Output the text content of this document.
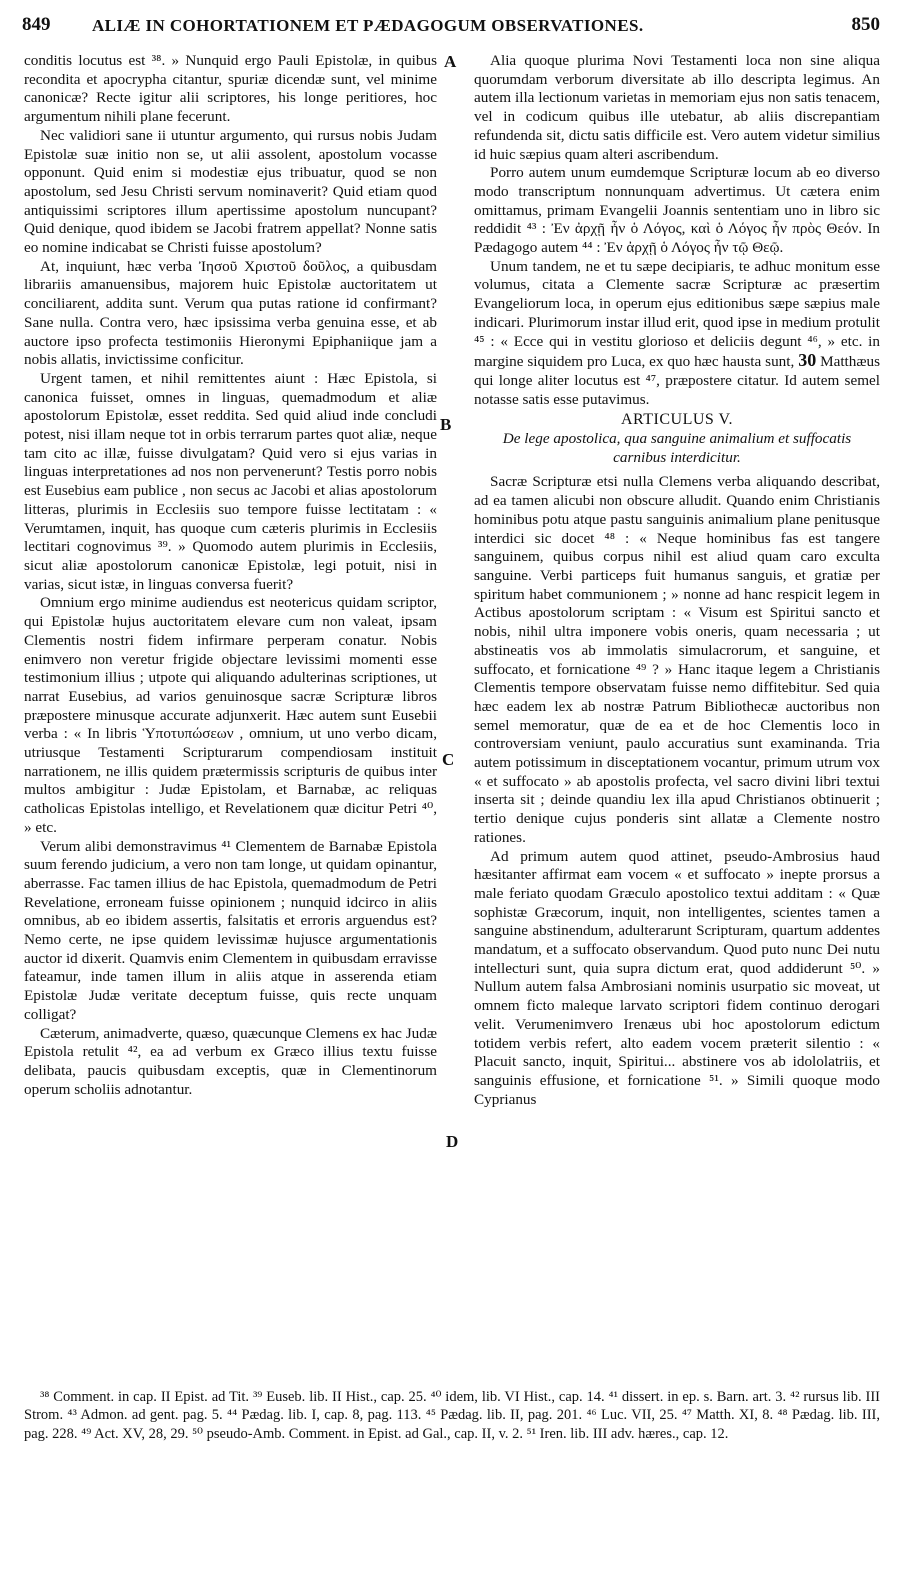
849 ALIÆ IN COHORTATIONEM ET PÆDAGOGUM OBSERVATIONES.	850

conditis locutus est ³⁸. » Nunquid ergo Pauli Epistolæ, in quibus recondita et apocrypha citantur, spuriæ dicendæ sunt, vel minime canonicæ? Recte igitur alii scriptores, his longe peritiores, hoc argumentum nihili plane fecerunt.

Nec validiori sane ii utuntur argumento, qui rursus nobis Judam Epistolæ suæ initio non se, ut alii assolent, apostolum vocasse opponunt. Quid enim si modestiæ ejus tribuatur, quod se non apostolum, sed Jesu Christi servum nominaverit? Quid etiam quod antiquissimi scriptores illum apertissime apostolum nuncupant? Quid denique, quod ibidem se Jacobi fratrem appellat? Nonne satis eo nomine indicabat se Christi fuisse apostolum?

At, inquiunt, hæc verba Ἰησοῦ Χριστοῦ δοῦλος, a quibusdam librariis amanuensibus, majorem huic Epistolæ auctoritatem ut conciliarent, addita sunt. Verum qua putas ratione id confirmant? Sane nulla. Contra vero, hæc ipsissima verba genuina esse, et ab auctore ipso profecta testimoniis Hieronymi Epiphaniique jam a nobis allatis, invictissime conficitur.

Urgent tamen, et nihil remittentes aiunt : Hæc Epistola, si canonica fuisset, omnes in linguas, quemadmodum et aliæ apostolorum Epistolæ, esset reddita. Sed quid aliud inde concludi potest, nisi illam neque tot in orbis terrarum partes quot aliæ, neque tam cito ac illæ, fuisse divulgatam? Quid vero si ejus varias in linguas interpretationes ad nos non pervenerunt? Testis porro nobis est Eusebius eam publice , non secus ac Jacobi et alias apostolorum litteras, plurimis in Ecclesiis suo tempore fuisse lectitatam : « Verumtamen, inquit, has quoque cum cæteris plurimis in Ecclesiis lectitari cognovimus ³⁹. » Quomodo autem plurimis in Ecclesiis, sicut aliæ apostolorum canonicæ Epistolæ, legi potuit, nisi in varias, sicut istæ, in linguas conversa fuerit?

Omnium ergo minime audiendus est neotericus quidam scriptor, qui Epistolæ hujus auctoritatem elevare cum non valeat, ipsam Clementis nostri fidem infirmare perperam conatur. Nobis enimvero non veretur frigide objectare levissimi momenti esse testimonium illius ; utpote qui aliquando adulterinas scriptiones, ut narrat Eusebius, ad varios genuinosque sacræ Scripturæ libros præpostere minusque accurate adjunxerit. Hæc autem sunt Eusebii verba : « In libris Ὑποτυπώσεων , omnium, ut uno verbo dicam, utriusque Testamenti Scripturarum compendiosam instituit narrationem, ne illis quidem prætermissis scripturis de quibus inter multos ambigitur : Judæ Epistolam, et Barnabæ, ac reliquas catholicas Epistolas intelligo, et Revelationem quæ dicitur Petri ⁴⁰, » etc.

Verum alibi demonstravimus ⁴¹ Clementem de Barnabæ Epistola suum ferendo judicium, a vero non tam longe, ut quidam opinantur, aberrasse. Fac tamen illius de hac Epistola, quemadmodum de Petri Revelatione, erroneam fuisse opinionem ; nunquid idcirco in aliis omnibus, ab eo ibidem assertis, falsitatis et erroris arguendus est? Nemo certe, ne ipse quidem levissimæ hujusce argumentationis auctor id dixerit. Quamvis enim Clementem in quibusdam erravisse fateamur, inde tamen illum in aliis atque in asserenda etiam Epistolæ Judæ veritate deceptum fuisse, quis recte unquam colligat?

Cæterum, animadverte, quæso, quæcunque Clemens ex hac Judæ Epistola retulit ⁴², ea ad verbum ex Græco illius textu fuisse delibata, paucis quibusdam exceptis, quæ in Clementinorum operum scholiis adnotantur.

A
B
C
D

Alia quoque plurima Novi Testamenti loca non sine aliqua quorumdam verborum diversitate ab illo descripta legimus. An autem illa lectionum varietas in memoriam ejus non satis tenacem, vel in codicum quibus ille utebatur, ab aliis discrepantiam refundenda sit, dictu satis difficile est. Vero autem videtur similius id huic sæpius quam alteri ascribendum.

Porro autem unum eumdemque Scripturæ locum ab eo diverso modo transcriptum nonnunquam advertimus. Ut cætera enim omittamus, primam Evangelii Joannis sententiam uno in libro sic reddidit ⁴³ : Ἐν ἀρχῇ ἦν ὁ Λόγος, καὶ ὁ Λόγος ἦν πρὸς Θεόν. In Pædagogo autem ⁴⁴ : Ἐν ἀρχῇ ὁ Λόγος ἦν τῷ Θεῷ.

Unum tandem, ne et tu sæpe decipiaris, te adhuc monitum esse volumus, citata a Clemente sacræ Scripturæ ac præsertim Evangeliorum loca, in operum ejus editionibus sæpe sæpius male indicari. Plurimorum instar illud erit, quod ipse in medium protulit ⁴⁵ : « Ecce qui in vestitu glorioso et deliciis degunt ⁴⁶, » etc. in marginе siquidem pro Luca, ex quo hæc hausta sunt, 30 Matthæus qui longe aliter locutus est ⁴⁷, præpostere citatur. Id autem semel notasse satis esse putavimus.

ARTICULUS V.

De lege apostolica, qua sanguine animalium et suffocatis carnibus interdicitur.

Sacræ Scripturæ etsi nulla Clemens verba aliquando describat, ad ea tamen alicubi non obscure alludit. Quando enim Christianis hominibus potu atque pastu sanguinis animalium plane penitusque interdici sic docet ⁴⁸ : « Neque hominibus fas est tangere sanguinem, quibus corpus nihil est aliud quam caro exculta sanguine. Verbi particeps fuit humanus sanguis, et gratiæ per spiritum habet communionem ; » nonne ad hanc respicit legem in Actibus apostolorum scriptam : « Visum est Spiritui sancto et nobis, nihil ultra imponere vobis oneris, quam necessaria ; ut abstineatis vos ab immolatis simulacrorum, et sanguine, et suffocato, et fornicatione ⁴⁹ ? » Hanc itaque legem a Christianis Clementis tempore observatam fuisse nemo diffitebitur. Sed quia hæc eadem lex ab nostræ Patrum Bibliothecæ auctoribus non semel memoratur, quæ de ea et de hoc Clementis loco in controversiam veniunt, paulo accuratius sunt examinanda. Tria autem potissimum in disceptationem vocantur, primum utrum vox « et suffocato » ab apostolis profecta, vel sacro divini libri textui inserta sit ; deinde quandiu lex illa apud Christianos obtinuerit ; tertio denique cujus ponderis sint allatæ a Clemente nostro rationes.

Ad primum autem quod attinet, pseudo-Ambrosius haud hæsitanter affirmat eam vocem « et suffocato » inepte prorsus a male feriato quodam Græculo apostolico textui additam : « Quæ sophistæ Græcorum, inquit, non intelligentes, scientes tamen a sanguine abstinendum, adulterarunt Scripturam, quartum addentes mandatum, et a suffocato observandum. Quod puto nunc Dei nutu intellecturi sunt, quia supra dictum erat, quod addiderunt ⁵⁰. » Nullum autem falsa Ambrosiani nominis usurpatio sic moveat, ut omnem ficto maleque larvato scriptori fidem continuo derogari velit. Verumenimvero Irenæus ubi hoc apostolorum edictum totidem verbis refert, alto eadem vocem præterit silentio : « Placuit sancto, inquit, Spiritui... abstinere vos ab idololatriis, et sanguinis effusione, et fornicatione ⁵¹. » Simili quoque modo Cyprianus

³⁸ Comment. in cap. II Epist. ad Tit. ³⁹ Euseb. lib. II Hist., cap. 25. ⁴⁰ idem, lib. VI Hist., cap. 14. ⁴¹ dissert. in ep. s. Barn. art. 3. ⁴² rursus lib. III Strom. ⁴³ Admon. ad gent. pag. 5. ⁴⁴ Pædag. lib. I, cap. 8, pag. 113. ⁴⁵ Pædag. lib. II, pag. 201. ⁴⁶ Luc. VII, 25. ⁴⁷ Matth. XI, 8. ⁴⁸ Pædag. lib. III, pag. 228. ⁴⁹ Act. XV, 28, 29. ⁵⁰ pseudo-Amb. Comment. in Epist. ad Gal., cap. II, v. 2. ⁵¹ Iren. lib. III adv. hæres., cap. 12.
